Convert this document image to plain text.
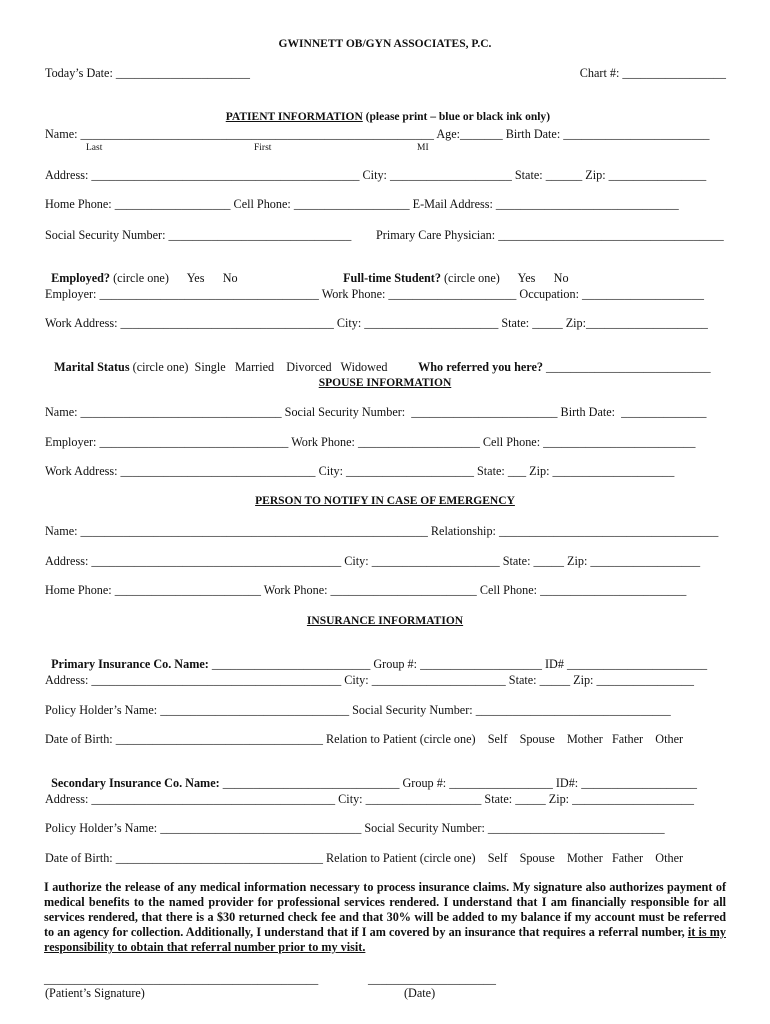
GWINNETT OB/GYN ASSOCIATES, P.C.
Today’s Date: ______________________	Chart #: _________________

PATIENT INFORMATION (please print – blue or black ink only)

Name: __________________________________________________________ Age:_______ Birth Date: ________________________
Last	First	MI
Address: ____________________________________________ City: ____________________ State: ______ Zip: ________________
Home Phone: ___________________ Cell Phone: ___________________ E-Mail Address: ______________________________
Social Security Number: ______________________________ Primary Care Physician: _____________________________________

Employed? (circle one)      Yes      No	Full-time Student? (circle one)      Yes      No

Employer: ____________________________________ Work Phone: _____________________ Occupation: ____________________
Work Address: ___________________________________ City: ______________________ State: _____ Zip:____________________

Marital Status (circle one)  Single   Married    Divorced   Widowed	Who referred you here? ___________________________

SPOUSE INFORMATION
Name: _________________________________ Social Security Number:  ________________________ Birth Date:  ______________
Employer: _______________________________ Work Phone: ____________________ Cell Phone: _________________________
Work Address: ________________________________ City: _____________________ State: ___ Zip: ____________________
PERSON TO NOTIFY IN CASE OF EMERGENCY
Name: _________________________________________________________ Relationship: ____________________________________
Address: _________________________________________ City: _____________________ State: _____ Zip: __________________
Home Phone: ________________________ Work Phone: ________________________ Cell Phone: ________________________
INSURANCE INFORMATION

Primary Insurance Co. Name: __________________________ Group #: ____________________ ID# _______________________

Address: _________________________________________ City: ______________________ State: _____ Zip: ________________
Policy Holder’s Name: _______________________________ Social Security Number: ________________________________
Date of Birth: __________________________________ Relation to Patient (circle one)    Self    Spouse    Mother   Father    Other

Secondary Insurance Co. Name: _____________________________ Group #: _________________ ID#: ___________________

Address: ________________________________________ City: ___________________ State: _____ Zip: ____________________
Policy Holder’s Name: _________________________________ Social Security Number: _____________________________
Date of Birth: __________________________________ Relation to Patient (circle one)    Self    Spouse    Mother   Father    Other
I authorize the release of any medical information necessary to process insurance claims. My signature also authorizes payment of medical benefits to the named provider for professional services rendered. I understand that I am financially responsible for all services rendered, that there is a $30 returned check fee and that 30% will be added to my balance if my account must be referred to an agency for collection. Additionally, I understand that if I am covered by an insurance that requires a referral number, it is my responsibility to obtain that referral number prior to my visit.
_____________________________________________	_____________________
(Patient’s Signature)	(Date)
